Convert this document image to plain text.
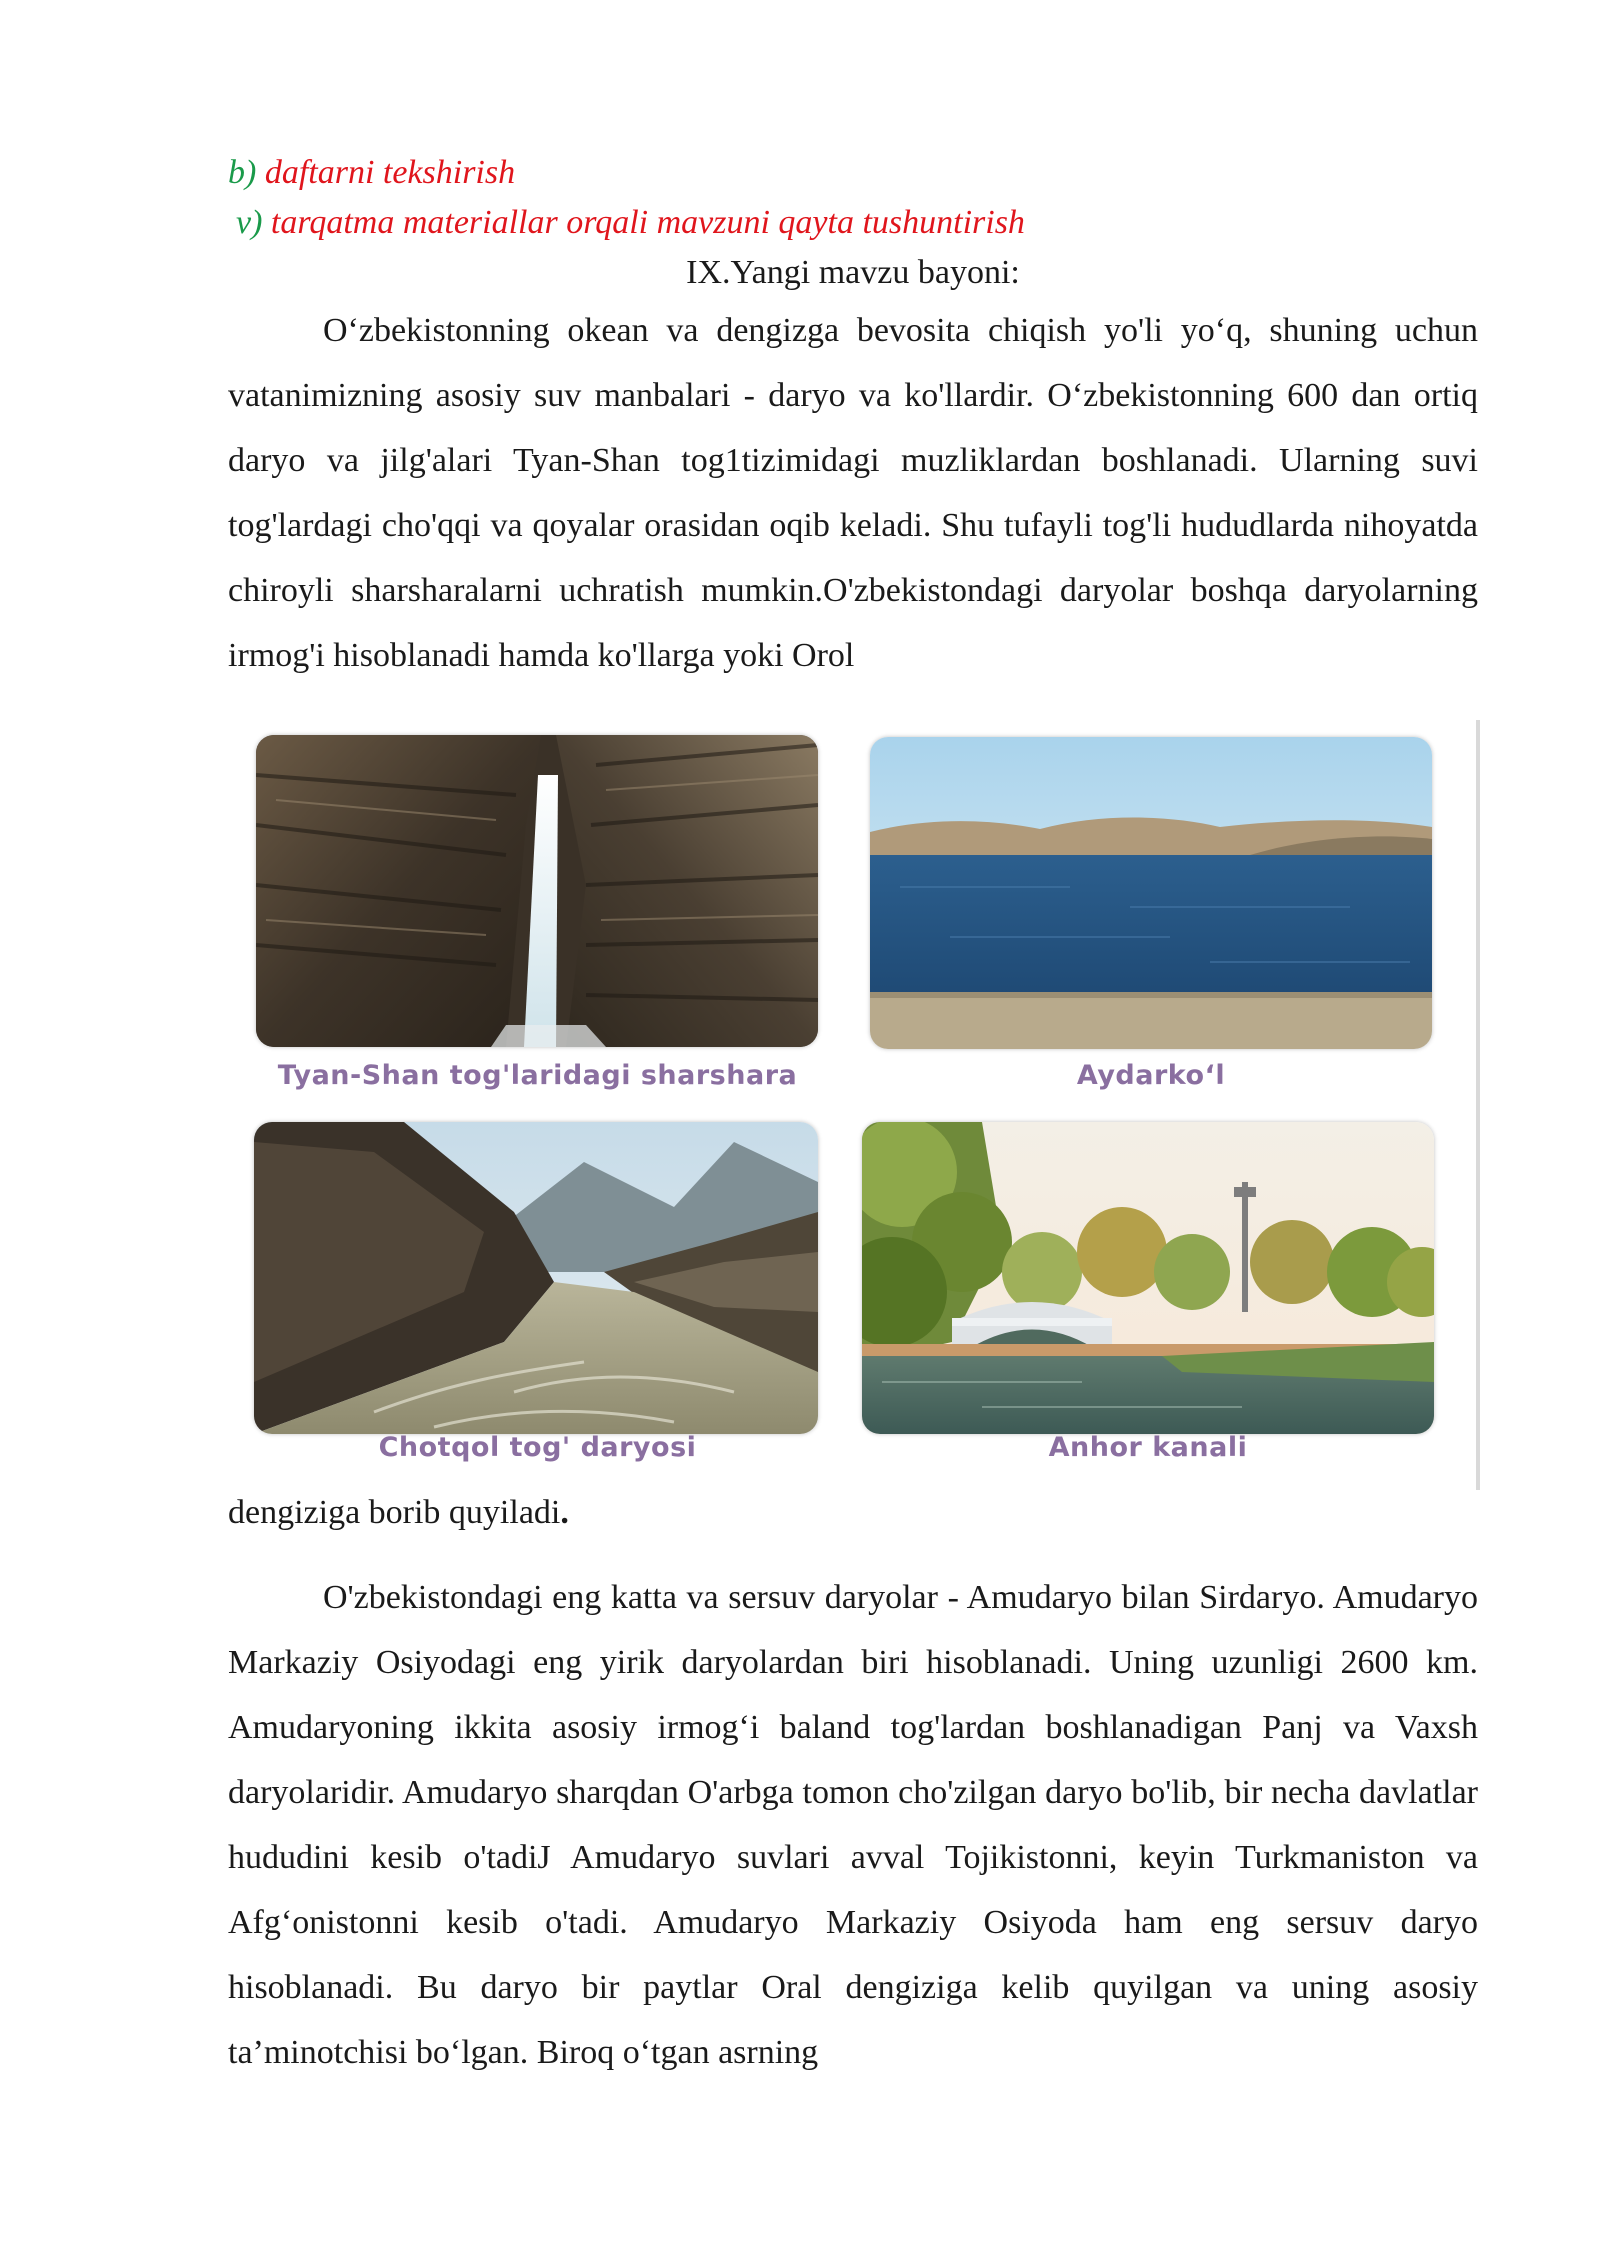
b) daftarni tekshirish
v) tarqatma materiallar orqali mavzuni qayta tushuntirish
IX.Yangi mavzu bayoni:

O‘zbekistonning okean va dengizga bevosita chiqish yo'li yo‘q, shuning uchun vatanimizning asosiy suv manbalari - daryo va ko'llardir. O‘zbekistonning 600 dan ortiq daryo va jilg'alari Tyan-Shan tog1tizimidagi muzliklardan boshlanadi. Ularning suvi tog'lardagi cho'qqi va qoyalar orasidan oqib keladi. Shu tufayli tog'li hududlarda nihoyatda chiroyli sharsharalarni uchratish mumkin.O'zbekistondagi daryolar boshqa daryolarning irmog'i hisoblanadi hamda ko'llarga yoki Orol

Tyan-Shan tog'laridagi sharshara	Aydarko‘l
Chotqol tog' daryosi	Anhor kanali

dengiziga borib quyiladi.

O'zbekistondagi eng katta va sersuv daryolar - Amudaryo bilan Sirdaryo. Amudaryo Markaziy Osiyodagi eng yirik daryolardan biri hisoblanadi. Uning uzunligi 2600 km. Amudaryoning ikkita asosiy irmog‘i baland tog'lardan boshlanadigan Panj va Vaxsh daryolaridir. Amudaryo sharqdan O'arbga tomon cho'zilgan daryo bo'lib, bir necha davlatlar hududini kesib o'tadiJ Amudaryo suvlari avval Tojikistonni, keyin Turkmaniston va Afg‘onistonni kesib o'tadi. Amudaryo Markaziy Osiyoda ham eng sersuv daryo hisoblanadi. Bu daryo bir paytlar Oral dengiziga kelib quyilgan va uning asosiy ta’minotchisi bo‘lgan. Biroq o‘tgan asrning
